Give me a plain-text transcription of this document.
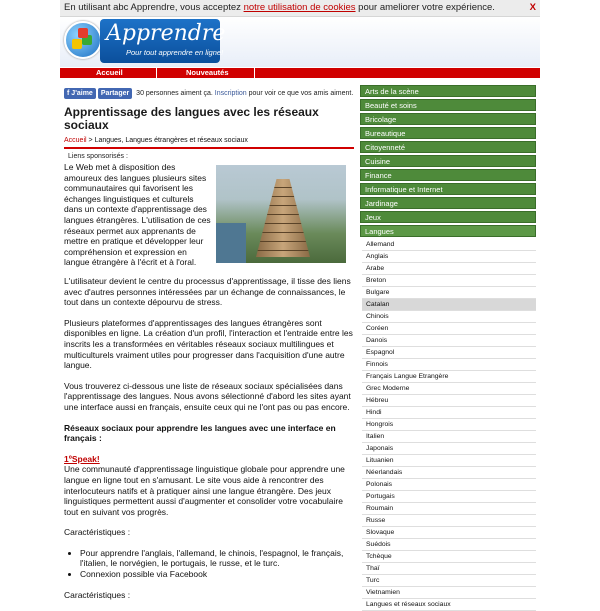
En utilisant abc Apprendre, vous acceptez notre utilisation de cookies pour ameliorer votre expérience.	X
Apprendre
Pour tout apprendre en ligne!
Accueil	Nouveautés
f J'aime Partager 30 personnes aiment ça. Inscription pour voir ce que vos amis aiment.
Apprentissage des langues avec les réseaux sociaux
Accueil > Langues, Langues étrangères et réseaux sociaux
Liens sponsorisés :
Le Web met à disposition des amoureux des langues plusieurs sites communautaires qui favorisent les échanges linguistiques et culturels dans un contexte d'apprentissage des langues étrangères. L'utilisation de ces réseaux permet aux apprenants de mettre en pratique et développer leur compréhension et expression en langue étrangère à l'écrit et à l'oral.

L'utilisateur devient le centre du processus d'apprentissage, il tisse des liens avec d'autres personnes intéressées par un échange de connaissances, le tout dans un contexte dépourvu de stress.

Plusieurs plateformes d'apprentissages des langues étrangères sont disponibles en ligne. La création d'un profil, l'interaction et l'entraide entre les inscrits les a transformées en véritables réseaux sociaux multilingues et multiculturels vraiment utiles pour progresser dans l'acquisition d'une autre langue.

Vous trouverez ci-dessous une liste de réseaux sociaux spécialisées dans l'apprentissage des langues. Nous avons sélectionné d'abord les sites ayant une interface aussi en français, ensuite ceux qui ne l'ont pas ou pas encore.

Réseaux sociaux pour apprendre les langues avec une interface en français :

1ºSpeak!

Une communauté d'apprentissage linguistique globale pour apprendre une langue en ligne tout en s'amusant. Le site vous aide à rencontrer des interlocuteurs natifs et à pratiquer ainsi une langue étrangère. Des jeux linguistiques permettent aussi d'augmenter et consolider votre vocabulaire tout en suivant vos progrès.

Caractéristiques :

• Pour apprendre l'anglais, l'allemand, le chinois, l'espagnol, le français, l'italien, le norvégien, le portugais, le russe, et le turc.
• Connexion possible via Facebook

Caractéristiques :

Arts de la scène
Beauté et soins
Bricolage
Bureautique
Citoyenneté
Cuisine
Finance
Informatique et Internet
Jardinage
Jeux
Langues
Allemand
Anglais
Arabe
Breton
Bulgare
Catalan
Chinois
Coréen
Danois
Espagnol
Finnois
Français Langue Etrangère
Grec Moderne
Hébreu
Hindi
Hongrois
Italien
Japonais
Lituanien
Néerlandais
Polonais
Portugais
Roumain
Russe
Slovaque
Suédois
Tchèque
Thaï
Turc
Vietnamien
Langues et réseaux sociaux
